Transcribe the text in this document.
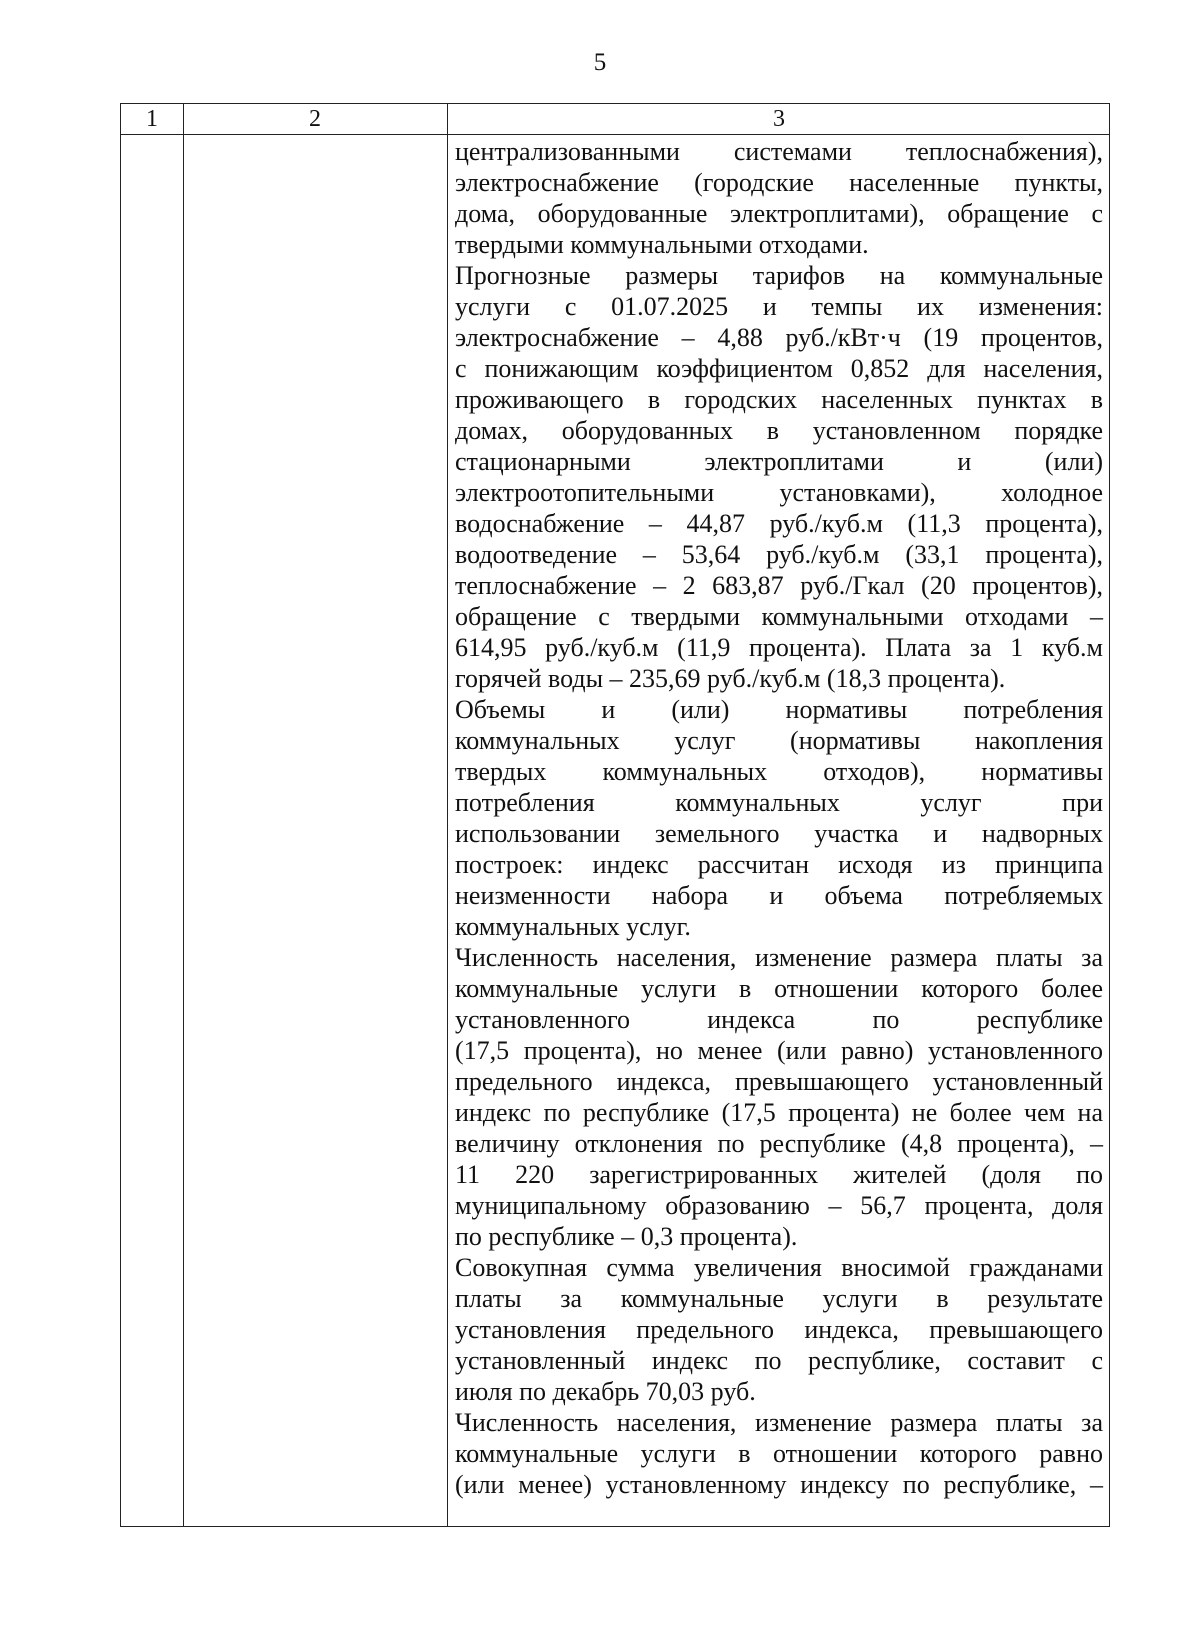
5
1	2	3
централизованными системами теплоснабжения),
электроснабжение (городские населенные пункты,
дома, оборудованные электроплитами), обращение с
твердыми коммунальными отходами.
Прогнозные размеры тарифов на коммунальные
услуги с 01.07.2025 и темпы их изменения:
электроснабжение – 4,88 руб./кВт·ч (19 процентов,
с понижающим коэффициентом 0,852 для населения,
проживающего в городских населенных пунктах в
домах, оборудованных в установленном порядке
стационарными электроплитами и (или)
электроотопительными установками), холодное
водоснабжение – 44,87 руб./куб.м (11,3 процента),
водоотведение – 53,64 руб./куб.м (33,1 процента),
теплоснабжение – 2 683,87 руб./Гкал (20 процентов),
обращение с твердыми коммунальными отходами –
614,95 руб./куб.м (11,9 процента). Плата за 1 куб.м
горячей воды – 235,69 руб./куб.м (18,3 процента).
Объемы и (или) нормативы потребления
коммунальных услуг (нормативы накопления
твердых коммунальных отходов), нормативы
потребления коммунальных услуг при
использовании земельного участка и надворных
построек: индекс рассчитан исходя из принципа
неизменности набора и объема потребляемых
коммунальных услуг.
Численность населения, изменение размера платы за
коммунальные услуги в отношении которого более
установленного индекса по республике
(17,5 процента), но менее (или равно) установленного
предельного индекса, превышающего установленный
индекс по республике (17,5 процента) не более чем на
величину отклонения по республике (4,8 процента), –
11 220 зарегистрированных жителей (доля по
муниципальному образованию – 56,7 процента, доля
по республике – 0,3 процента).
Совокупная сумма увеличения вносимой гражданами
платы за коммунальные услуги в результате
установления предельного индекса, превышающего
установленный индекс по республике, составит с
июля по декабрь 70,03 руб.
Численность населения, изменение размера платы за
коммунальные услуги в отношении которого равно
(или менее) установленному индексу по республике, –
